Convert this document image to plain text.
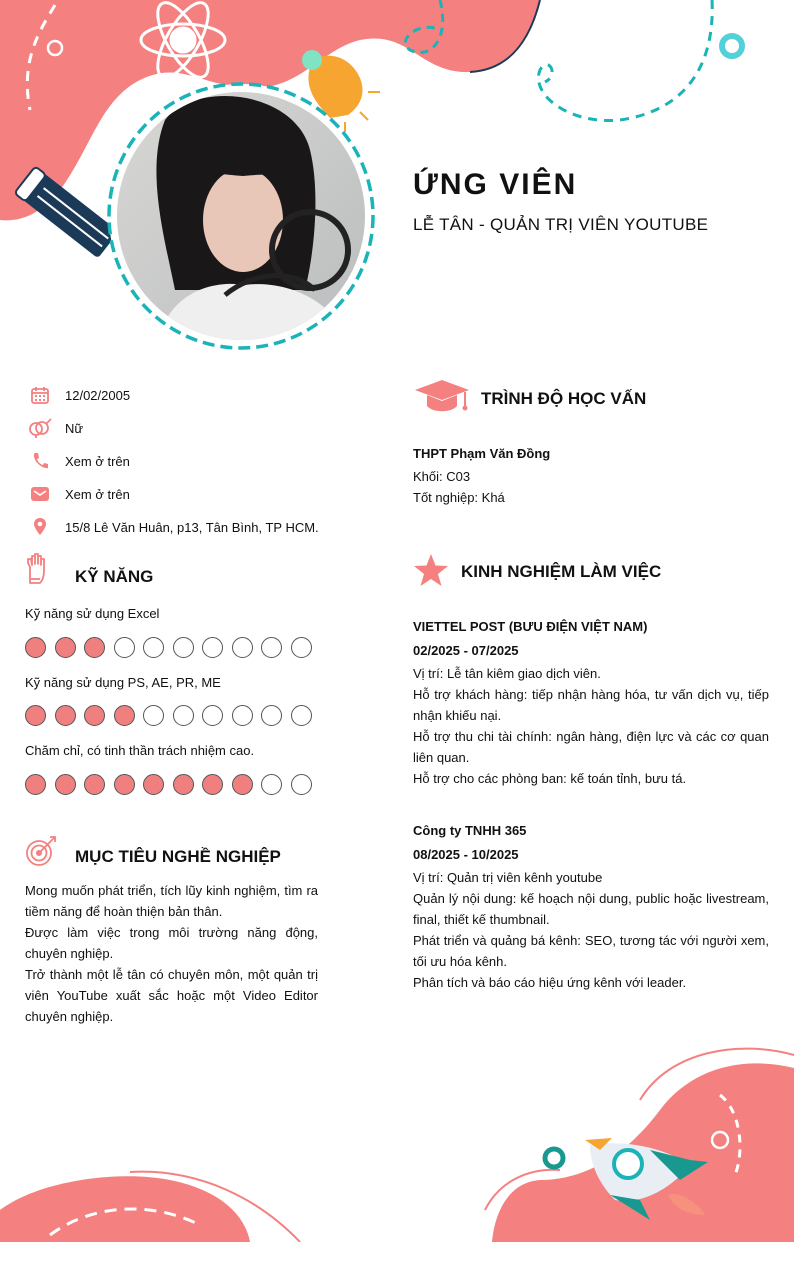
ỨNG VIÊN
LỄ TÂN - QUẢN TRỊ VIÊN YOUTUBE
12/02/2005
Nữ
Xem ở trên
Xem ở trên
15/8 Lê Văn Huân, p13, Tân Bình, TP HCM.
KỸ NĂNG
Kỹ năng sử dụng Excel
Kỹ năng sử dụng PS, AE, PR, ME
Chăm chỉ, có tinh thần trách nhiệm cao.
MỤC TIÊU NGHỀ NGHIỆP
Mong muốn phát triển, tích lũy kinh nghiệm, tìm ra tiềm năng để hoàn thiện bản thân.
Được làm việc trong môi trường năng động, chuyên nghiệp.
Trở thành một lễ tân có chuyên môn, một quản trị viên YouTube xuất sắc hoặc một Video Editor chuyên nghiệp.
TRÌNH ĐỘ HỌC VẤN
THPT Phạm Văn Đồng
Khối: C03
Tốt nghiệp: Khá
KINH NGHIỆM LÀM VIỆC
VIETTEL POST (BƯU ĐIỆN VIỆT NAM)
02/2025 - 07/2025
Vị trí: Lễ tân kiêm giao dịch viên.
Hỗ trợ khách hàng: tiếp nhận hàng hóa, tư vấn dịch vụ, tiếp nhận khiếu nại.
Hỗ trợ thu chi tài chính: ngân hàng, điện lực và các cơ quan liên quan.
Hỗ trợ cho các phòng ban: kế toán tỉnh, bưu tá.
Công ty TNHH 365
08/2025 - 10/2025
Vị trí: Quản trị viên kênh youtube
Quản lý nội dung: kế hoạch nội dung, public hoặc livestream, final, thiết kế thumbnail.
Phát triển và quảng bá kênh: SEO, tương tác với người xem, tối ưu hóa kênh.
Phân tích và báo cáo hiệu ứng kênh với leader.
